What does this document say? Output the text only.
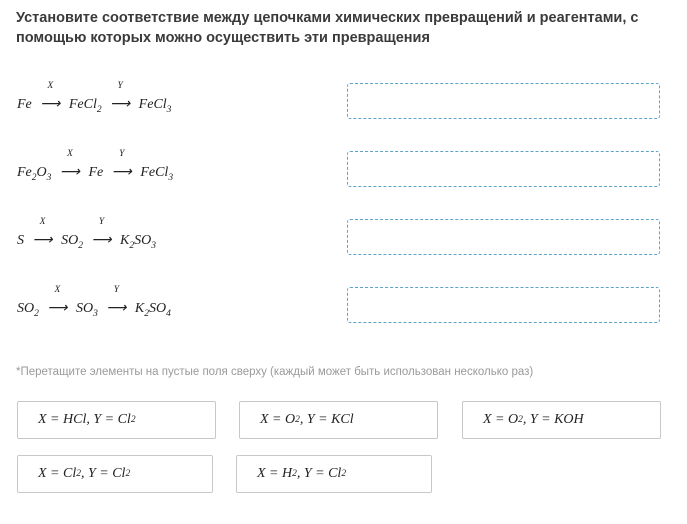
Установите соответствие между цепочками химических превращений и реагентами, с помощью которых можно осуществить эти превращения
Fe
X
⟶ FeCl$_2$
Y
⟶ FeCl$_3$
$Fe_2O_3$
X
⟶ Fe
Y
⟶ FeCl$_3$
S
X
⟶ $SO_2$
Y
⟶ $K_2SO_3$
$SO_2$
X
⟶ $SO_3$
Y
⟶ $K_2SO_4$
*Перетащите элементы на пустые поля сверху (каждый может быть использован несколько раз)
X = HCl, Y = Cl 2	X = O 2 , Y = KCl	X = O 2 , Y = KOH
X = Cl 2 , Y = Cl 2	X = H 2 , Y = Cl 2
